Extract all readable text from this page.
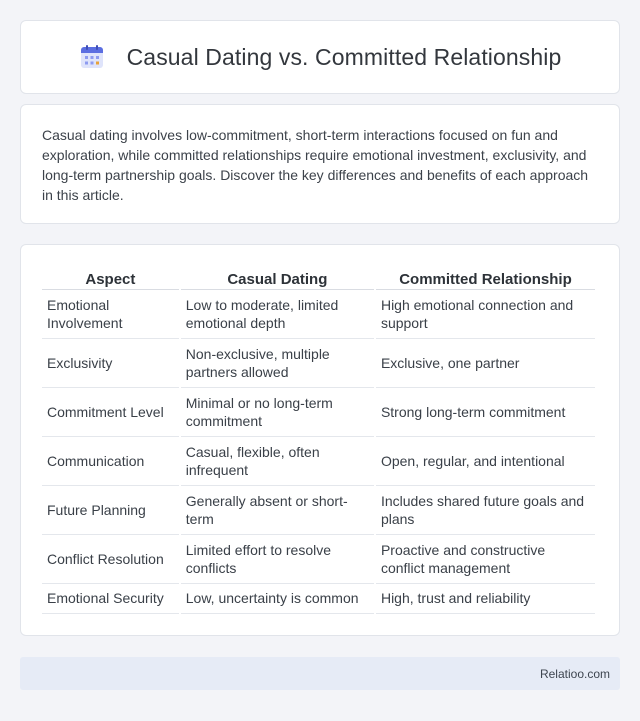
Casual Dating vs. Committed Relationship

Casual dating involves low-commitment, short-term interactions focused on fun and exploration, while committed relationships require emotional investment, exclusivity, and long-term partnership goals. Discover the key differences and benefits of each approach in this article.

Aspect	Casual Dating	Committed Relationship
Emotional Involvement	Low to moderate, limited emotional depth	High emotional connection and support
Exclusivity	Non-exclusive, multiple partners allowed	Exclusive, one partner
Commitment Level	Minimal or no long-term commitment	Strong long-term commitment
Communication	Casual, flexible, often infrequent	Open, regular, and intentional
Future Planning	Generally absent or short-term	Includes shared future goals and plans
Conflict Resolution	Limited effort to resolve conflicts	Proactive and constructive conflict management
Emotional Security	Low, uncertainty is common	High, trust and reliability
Relatioo.com
